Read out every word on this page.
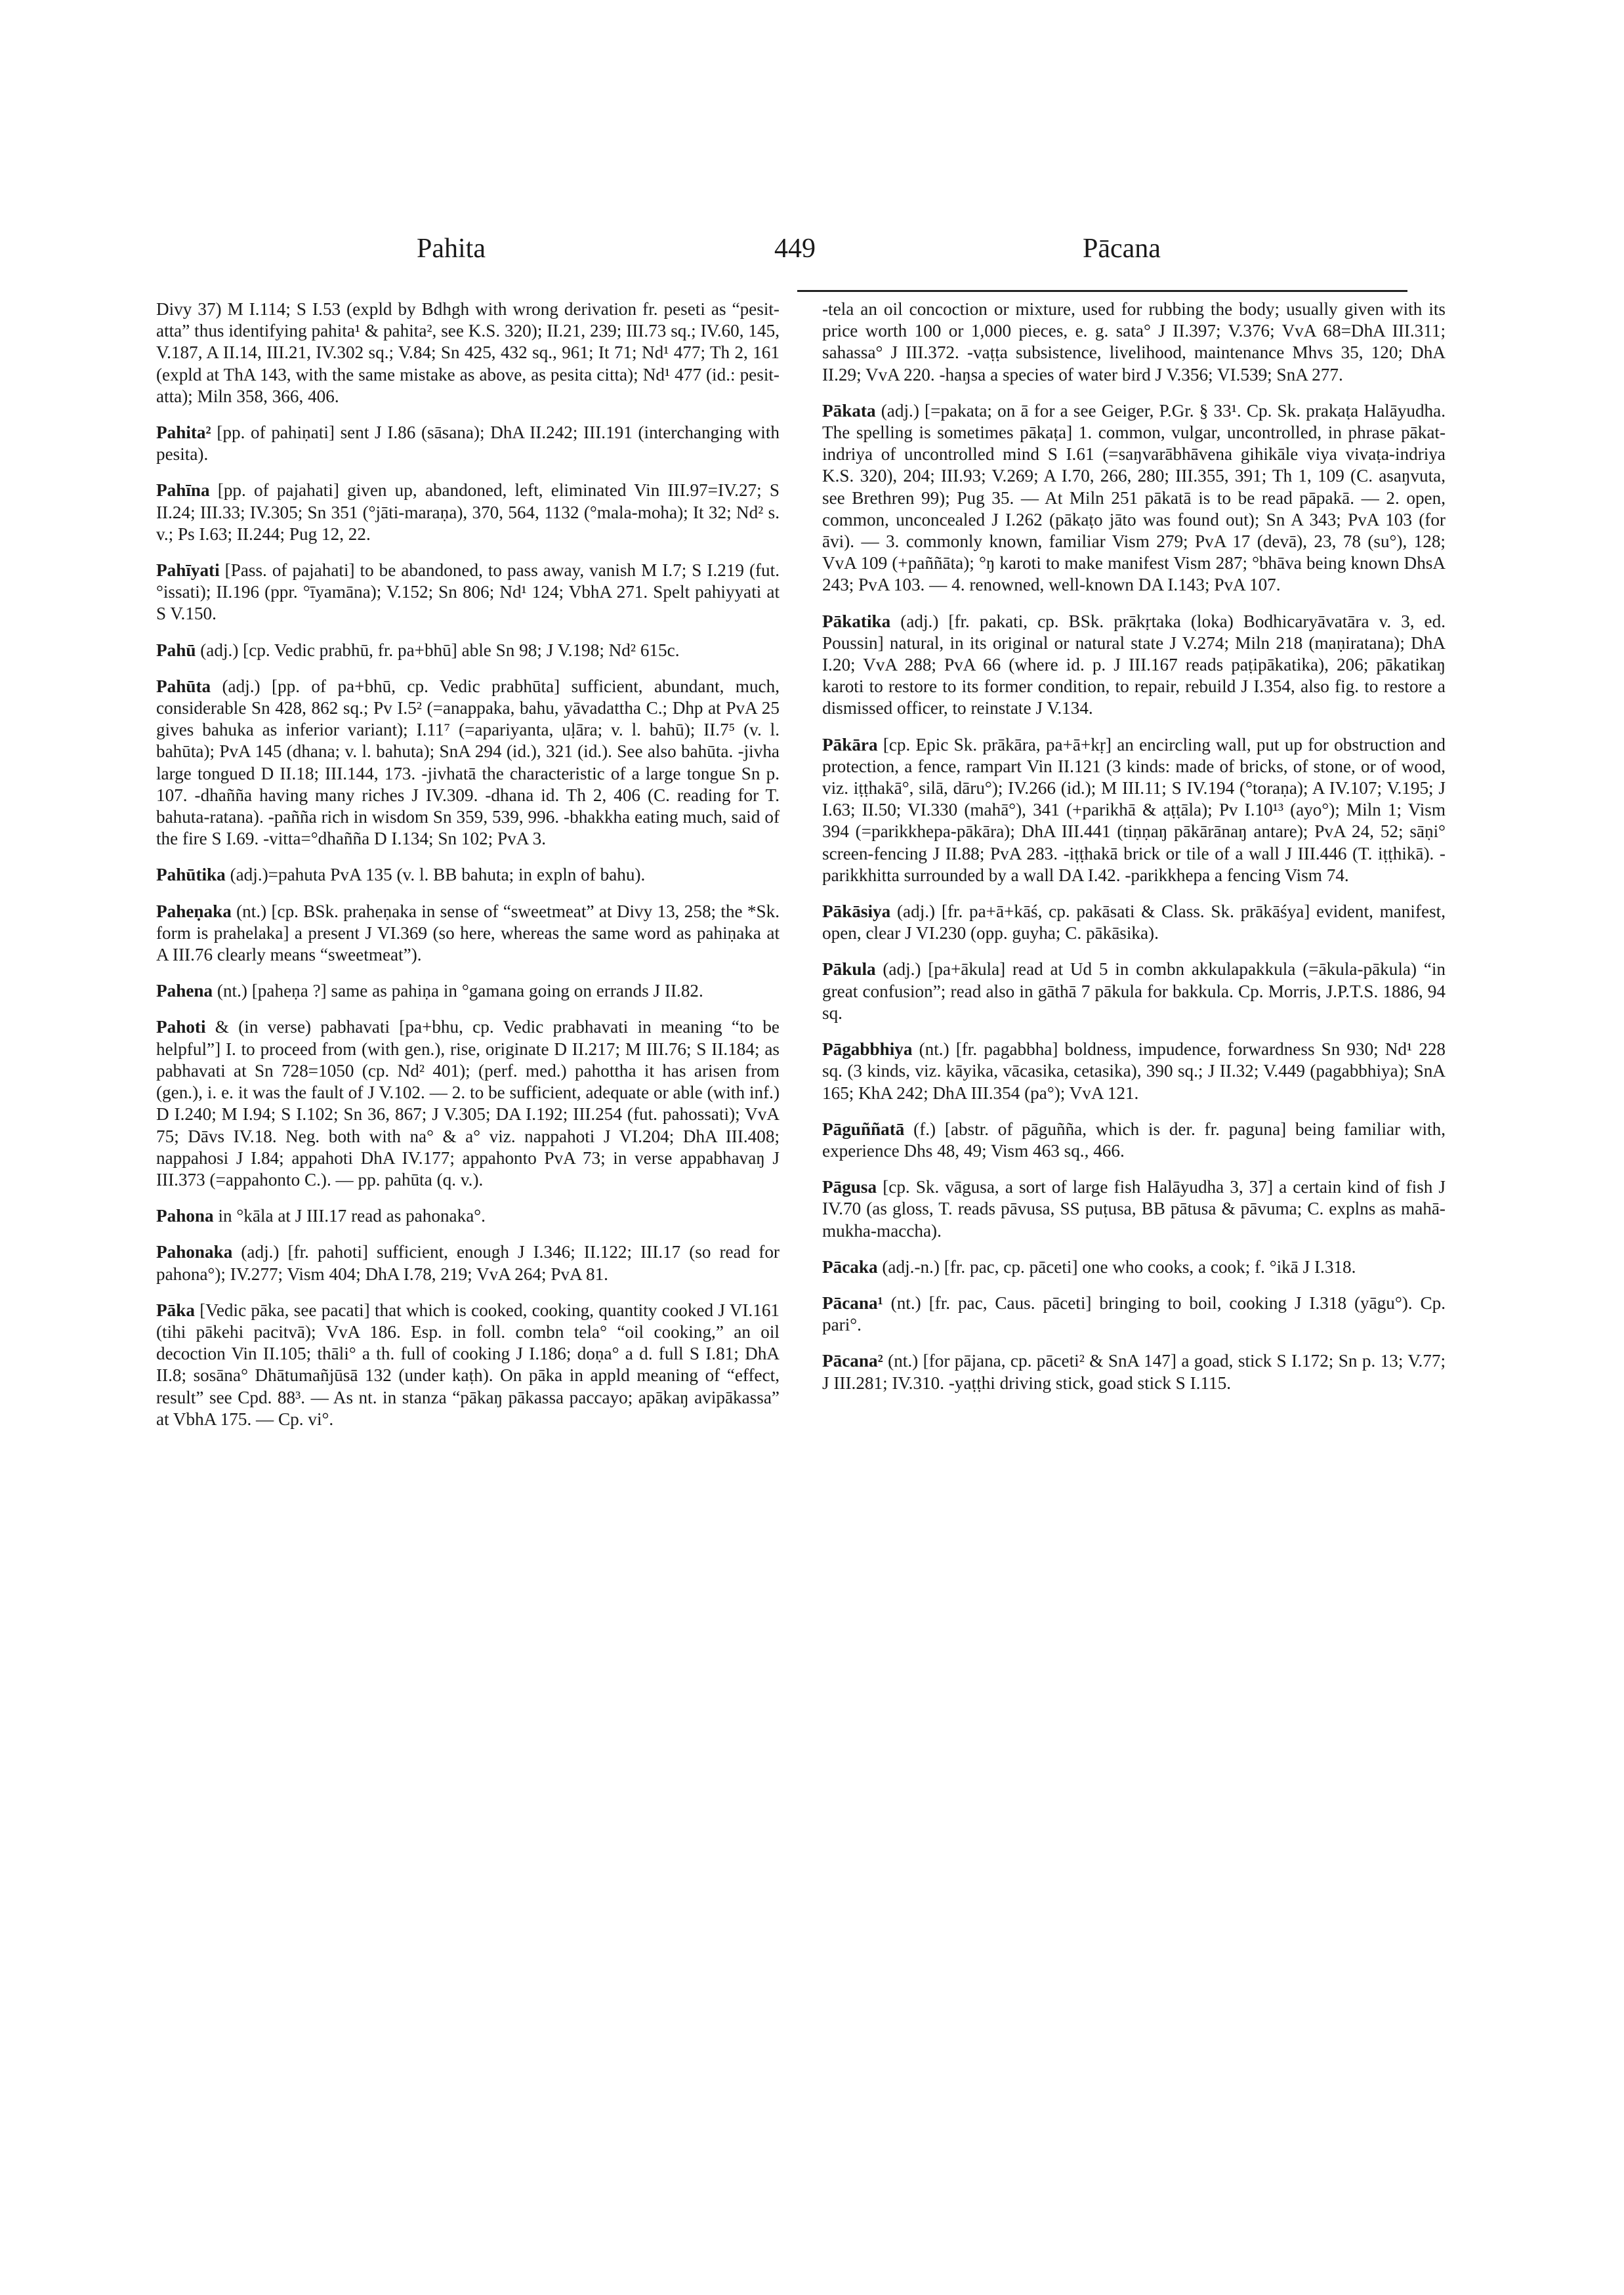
Pahita	449	Pācana

Divy 37) M I.114; S I.53 (expld by Bdhgh with wrong derivation fr. peseti as “pesit-atta” thus identifying pahita¹ & pahita², see K.S. 320); II.21, 239; III.73 sq.; IV.60, 145, V.187, A II.14, III.21, IV.302 sq.; V.84; Sn 425, 432 sq., 961; It 71; Nd¹ 477; Th 2, 161 (expld at ThA 143, with the same mistake as above, as pesita citta); Nd¹ 477 (id.: pesit-atta); Miln 358, 366, 406.

Pahita² [pp. of pahiṇati] sent J I.86 (sāsana); DhA II.242; III.191 (interchanging with pesita).

Pahīna [pp. of pajahati] given up, abandoned, left, eliminated Vin III.97=IV.27; S II.24; III.33; IV.305; Sn 351 (°jāti-maraṇa), 370, 564, 1132 (°mala-moha); It 32; Nd² s. v.; Ps I.63; II.244; Pug 12, 22.

Pahīyati [Pass. of pajahati] to be abandoned, to pass away, vanish M I.7; S I.219 (fut. °issati); II.196 (ppr. °īyamāna); V.152; Sn 806; Nd¹ 124; VbhA 271. Spelt pahiyyati at S V.150.

Pahū (adj.) [cp. Vedic prabhū, fr. pa+bhū] able Sn 98; J V.198; Nd² 615c.

Pahūta (adj.) [pp. of pa+bhū, cp. Vedic prabhūta] sufficient, abundant, much, considerable Sn 428, 862 sq.; Pv I.5² (=anappaka, bahu, yāvadattha C.; Dhp at PvA 25 gives bahuka as inferior variant); I.11⁷ (=apariyanta, uḷāra; v. l. bahū); II.7⁵ (v. l. bahūta); PvA 145 (dhana; v. l. bahuta); SnA 294 (id.), 321 (id.). See also bahūta. -jivha large tongued D II.18; III.144, 173. -jivhatā the characteristic of a large tongue Sn p. 107. -dhañña having many riches J IV.309. -dhana id. Th 2, 406 (C. reading for T. bahuta-ratana). -pañña rich in wisdom Sn 359, 539, 996. -bhakkha eating much, said of the fire S I.69. -vitta=°dhañña D I.134; Sn 102; PvA 3.

Pahūtika (adj.)=pahuta PvA 135 (v. l. BB bahuta; in expln of bahu).

Paheṇaka (nt.) [cp. BSk. praheṇaka in sense of “sweetmeat” at Divy 13, 258; the *Sk. form is prahelaka] a present J VI.369 (so here, whereas the same word as pahiṇaka at A III.76 clearly means “sweetmeat”).

Pahena (nt.) [paheṇa ?] same as pahiṇa in °gamana going on errands J II.82.

Pahoti & (in verse) pabhavati [pa+bhu, cp. Vedic prabhavati in meaning “to be helpful”] I. to proceed from (with gen.), rise, originate D II.217; M III.76; S II.184; as pabhavati at Sn 728=1050 (cp. Nd² 401); (perf. med.) pahottha it has arisen from (gen.), i. e. it was the fault of J V.102. — 2. to be sufficient, adequate or able (with inf.) D I.240; M I.94; S I.102; Sn 36, 867; J V.305; DA I.192; III.254 (fut. pahossati); VvA 75; Dāvs IV.18. Neg. both with na° & a° viz. nappahoti J VI.204; DhA III.408; nappahosi J I.84; appahoti DhA IV.177; appahonto PvA 73; in verse appabhavaŋ J III.373 (=appahonto C.). — pp. pahūta (q. v.).

Pahona in °kāla at J III.17 read as pahonaka°.

Pahonaka (adj.) [fr. pahoti] sufficient, enough J I.346; II.122; III.17 (so read for pahona°); IV.277; Vism 404; DhA I.78, 219; VvA 264; PvA 81.

Pāka [Vedic pāka, see pacati] that which is cooked, cooking, quantity cooked J VI.161 (tihi pākehi pacitvā); VvA 186. Esp. in foll. combn tela° “oil cooking,” an oil decoction Vin II.105; thāli° a th. full of cooking J I.186; doṇa° a d. full S I.81; DhA II.8; sosāna° Dhātumañjūsā 132 (under kaṭh). On pāka in appld meaning of “effect, result” see Cpd. 88³. — As nt. in stanza “pākaŋ pākassa paccayo; apākaŋ avipākassa” at VbhA 175. — Cp. vi°.

-tela an oil concoction or mixture, used for rubbing the body; usually given with its price worth 100 or 1,000 pieces, e. g. sata° J II.397; V.376; VvA 68=DhA III.311; sahassa° J III.372. -vaṭṭa subsistence, livelihood, maintenance Mhvs 35, 120; DhA II.29; VvA 220. -haŋsa a species of water bird J V.356; VI.539; SnA 277.

Pākata (adj.) [=pakata; on ā for a see Geiger, P.Gr. § 33¹. Cp. Sk. prakaṭa Halāyudha. The spelling is sometimes pākaṭa] 1. common, vulgar, uncontrolled, in phrase pākat-indriya of uncontrolled mind S I.61 (=saŋvarābhāvena gihikāle viya vivaṭa-indriya K.S. 320), 204; III.93; V.269; A I.70, 266, 280; III.355, 391; Th 1, 109 (C. asaŋvuta, see Brethren 99); Pug 35. — At Miln 251 pākatā is to be read pāpakā. — 2. open, common, unconcealed J I.262 (pākaṭo jāto was found out); Sn A 343; PvA 103 (for āvi). — 3. commonly known, familiar Vism 279; PvA 17 (devā), 23, 78 (su°), 128; VvA 109 (+paññāta); °ŋ karoti to make manifest Vism 287; °bhāva being known DhsA 243; PvA 103. — 4. renowned, well-known DA I.143; PvA 107.

Pākatika (adj.) [fr. pakati, cp. BSk. prākṛtaka (loka) Bodhicaryāvatāra v. 3, ed. Poussin] natural, in its original or natural state J V.274; Miln 218 (maṇiratana); DhA I.20; VvA 288; PvA 66 (where id. p. J III.167 reads paṭipākatika), 206; pākatikaŋ karoti to restore to its former condition, to repair, rebuild J I.354, also fig. to restore a dismissed officer, to reinstate J V.134.

Pākāra [cp. Epic Sk. prākāra, pa+ā+kṛ] an encircling wall, put up for obstruction and protection, a fence, rampart Vin II.121 (3 kinds: made of bricks, of stone, or of wood, viz. iṭṭhakā°, silā, dāru°); IV.266 (id.); M III.11; S IV.194 (°toraṇa); A IV.107; V.195; J I.63; II.50; VI.330 (mahā°), 341 (+parikhā & aṭṭāla); Pv I.10¹³ (ayo°); Miln 1; Vism 394 (=parikkhepa-pākāra); DhA III.441 (tiṇṇaŋ pākārānaŋ antare); PvA 24, 52; sāṇi° screen-fencing J II.88; PvA 283. -iṭṭhakā brick or tile of a wall J III.446 (T. iṭṭhikā). -parikkhitta surrounded by a wall DA I.42. -parikkhepa a fencing Vism 74.

Pākāsiya (adj.) [fr. pa+ā+kāś, cp. pakāsati & Class. Sk. prākāśya] evident, manifest, open, clear J VI.230 (opp. guyha; C. pākāsika).

Pākula (adj.) [pa+ākula] read at Ud 5 in combn akkulapakkula (=ākula-pākula) “in great confusion”; read also in gāthā 7 pākula for bakkula. Cp. Morris, J.P.T.S. 1886, 94 sq.

Pāgabbhiya (nt.) [fr. pagabbha] boldness, impudence, forwardness Sn 930; Nd¹ 228 sq. (3 kinds, viz. kāyika, vācasika, cetasika), 390 sq.; J II.32; V.449 (pagabbhiya); SnA 165; KhA 242; DhA III.354 (pa°); VvA 121.

Pāguññatā (f.) [abstr. of pāguñña, which is der. fr. paguna] being familiar with, experience Dhs 48, 49; Vism 463 sq., 466.

Pāgusa [cp. Sk. vāgusa, a sort of large fish Halāyudha 3, 37] a certain kind of fish J IV.70 (as gloss, T. reads pāvusa, SS puṭusa, BB pātusa & pāvuma; C. explns as mahā-mukha-maccha).

Pācaka (adj.-n.) [fr. pac, cp. pāceti] one who cooks, a cook; f. °ikā J I.318.

Pācana¹ (nt.) [fr. pac, Caus. pāceti] bringing to boil, cooking J I.318 (yāgu°). Cp. pari°.

Pācana² (nt.) [for pājana, cp. pāceti² & SnA 147] a goad, stick S I.172; Sn p. 13; V.77; J III.281; IV.310. -yaṭṭhi driving stick, goad stick S I.115.
